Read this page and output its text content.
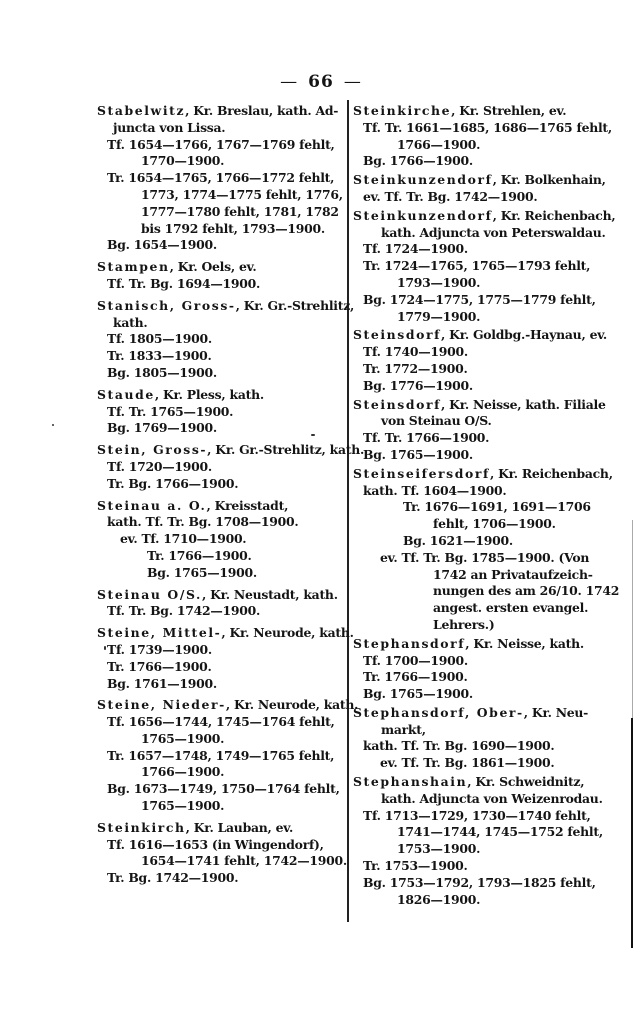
— 66 —
Stabelwitz, Kr. Breslau, kath. Ad-
juncta von Lissa.
Tf. 1654—1766, 1767—1769 fehlt,
1770—1900.
Tr. 1654—1765, 1766—1772 fehlt,
1773, 1774—1775 fehlt, 1776,
1777—1780 fehlt, 1781, 1782
bis 1792 fehlt, 1793—1900.
Bg. 1654—1900.
Stampen, Kr. Oels, ev.
Tf. Tr. Bg. 1694—1900.
Stanisch, Gross-, Kr. Gr.-Strehlitz,
kath.
Tf. 1805—1900.
Tr. 1833—1900.
Bg. 1805—1900.
Staude, Kr. Pless, kath.
Tf. Tr. 1765—1900.
Bg. 1769—1900.
Stein, Gross-, Kr. Gr.-Strehlitz, kath.
Tf. 1720—1900.
Tr. Bg. 1766—1900.
Steinau a. O., Kreisstadt,
kath. Tf. Tr. Bg. 1708—1900.
ev. Tf. 1710—1900.
Tr. 1766—1900.
Bg. 1765—1900.
Steinau O/S., Kr. Neustadt, kath.
Tf. Tr. Bg. 1742—1900.
Steine, Mittel-, Kr. Neurode, kath.
Tf. 1739—1900.
Tr. 1766—1900.
Bg. 1761—1900.
Steine, Nieder-, Kr. Neurode, kath.
Tf. 1656—1744, 1745—1764 fehlt,
1765—1900.
Tr. 1657—1748, 1749—1765 fehlt,
1766—1900.
Bg. 1673—1749, 1750—1764 fehlt,
1765—1900.
Steinkirch, Kr. Lauban, ev.
Tf. 1616—1653 (in Wingendorf),
1654—1741 fehlt, 1742—1900.
Tr. Bg. 1742—1900.
Steinkirche, Kr. Strehlen, ev.
Tf. Tr. 1661—1685, 1686—1765 fehlt,
1766—1900.
Bg. 1766—1900.
Steinkunzendorf, Kr. Bolkenhain,
ev. Tf. Tr. Bg. 1742—1900.
Steinkunzendorf, Kr. Reichenbach,
kath. Adjuncta von Peterswaldau.
Tf. 1724—1900.
Tr. 1724—1765, 1765—1793 fehlt,
1793—1900.
Bg. 1724—1775, 1775—1779 fehlt,
1779—1900.
Steinsdorf, Kr. Goldbg.-Haynau, ev.
Tf. 1740—1900.
Tr. 1772—1900.
Bg. 1776—1900.
Steinsdorf, Kr. Neisse, kath. Filiale
von Steinau O/S.
Tf. Tr. 1766—1900.
Bg. 1765—1900.
Steinseifersdorf, Kr. Reichenbach,
kath. Tf. 1604—1900.
Tr. 1676—1691, 1691—1706
fehlt, 1706—1900.
Bg. 1621—1900.
ev. Tf. Tr. Bg. 1785—1900. (Von
1742 an Privataufzeich-
nungen des am 26/10. 1742
angest. ersten evangel.
Lehrers.)
Stephansdorf, Kr. Neisse, kath.
Tf. 1700—1900.
Tr. 1766—1900.
Bg. 1765—1900.
Stephansdorf, Ober-, Kr. Neu-
markt,
kath. Tf. Tr. Bg. 1690—1900.
ev. Tf. Tr. Bg. 1861—1900.
Stephanshain, Kr. Schweidnitz,
kath. Adjuncta von Weizenrodau.
Tf. 1713—1729, 1730—1740 fehlt,
1741—1744, 1745—1752 fehlt,
1753—1900.
Tr. 1753—1900.
Bg. 1753—1792, 1793—1825 fehlt,
1826—1900.
